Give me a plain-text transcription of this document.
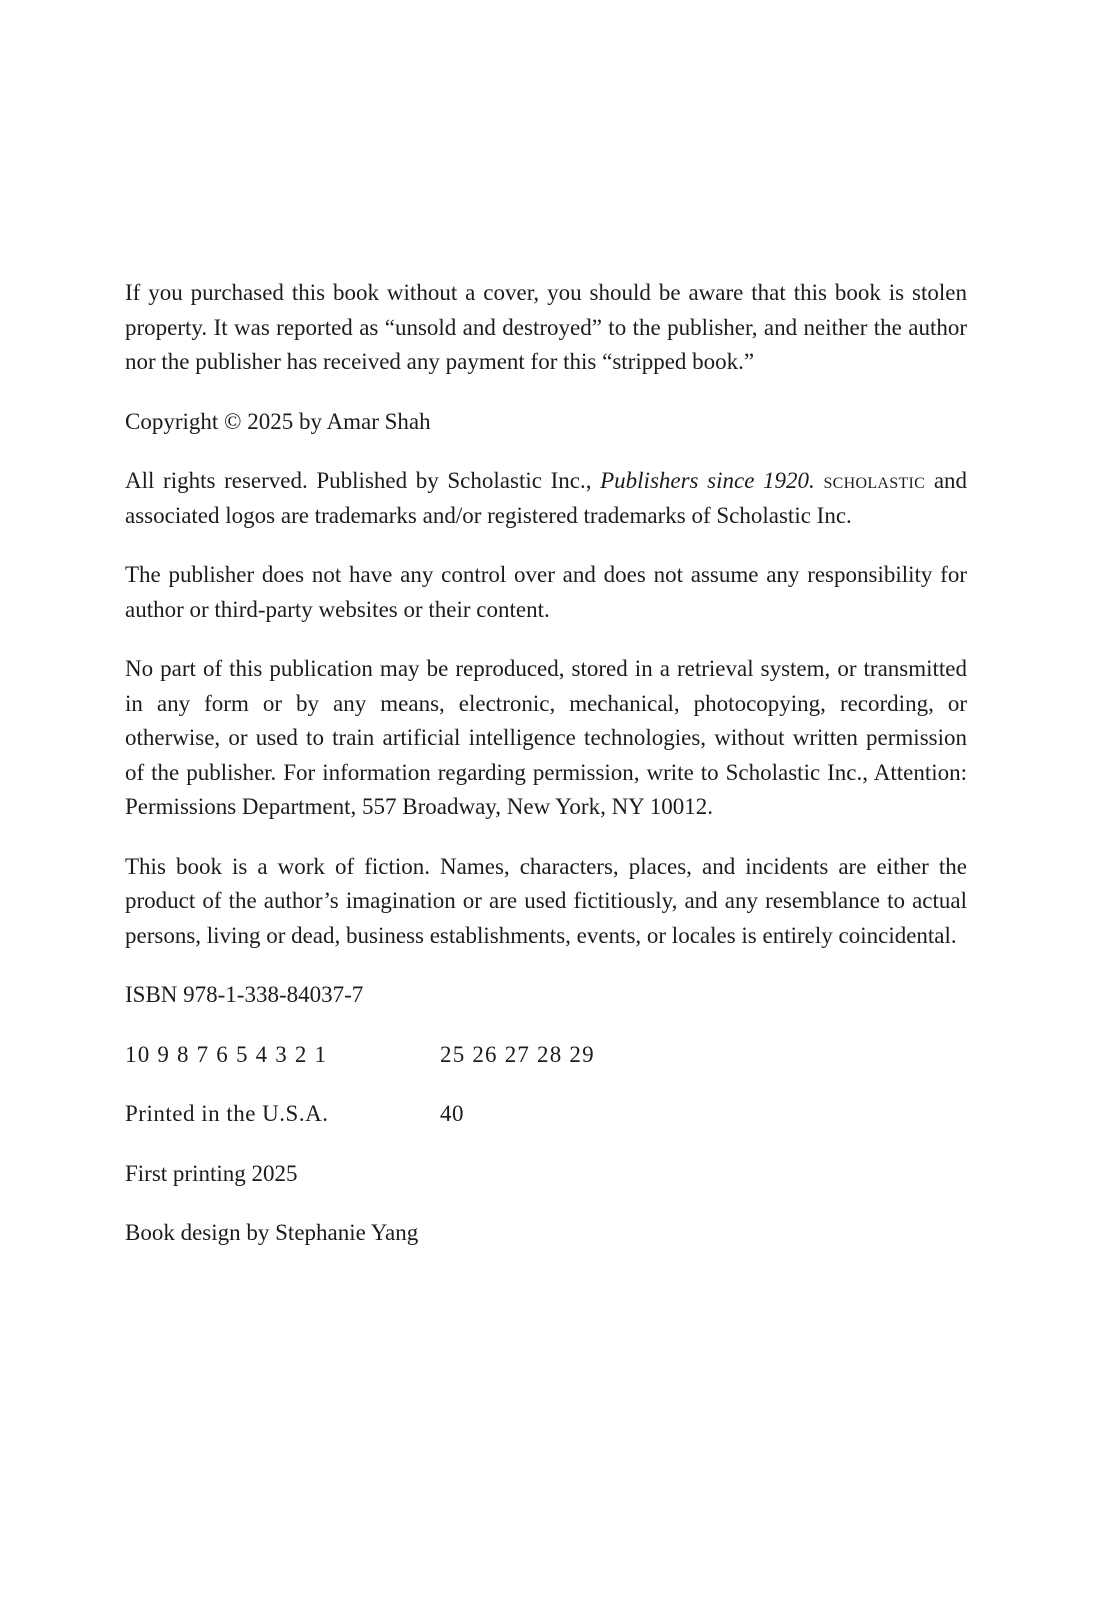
If you purchased this book without a cover, you should be aware that this book is stolen property. It was reported as “unsold and destroyed” to the publisher, and neither the author nor the publisher has received any payment for this “stripped book.”

Copyright © 2025 by Amar Shah

All rights reserved. Published by Scholastic Inc., Publishers since 1920. scholastic and associated logos are trademarks and/or registered trademarks of Scholastic Inc.

The publisher does not have any control over and does not assume any responsibility for author or third-party websites or their content.

No part of this publication may be reproduced, stored in a retrieval system, or transmitted in any form or by any means, electronic, mechanical, photocopying, recording, or otherwise, or used to train artificial intelligence technologies, without written permission of the publisher. For information regarding permission, write to Scholastic Inc., Attention: Permissions Department, 557 Broadway, New York, NY 10012.

This book is a work of fiction. Names, characters, places, and incidents are either the product of the author’s imagination or are used fictitiously, and any resemblance to actual persons, living or dead, business establishments, events, or locales is entirely coincidental.

ISBN 978-1-338-84037-7

10 9 8 7 6 5 4 3 2 1	25 26 27 28 29
Printed in the U.S.A.	40

First printing 2025

Book design by Stephanie Yang
